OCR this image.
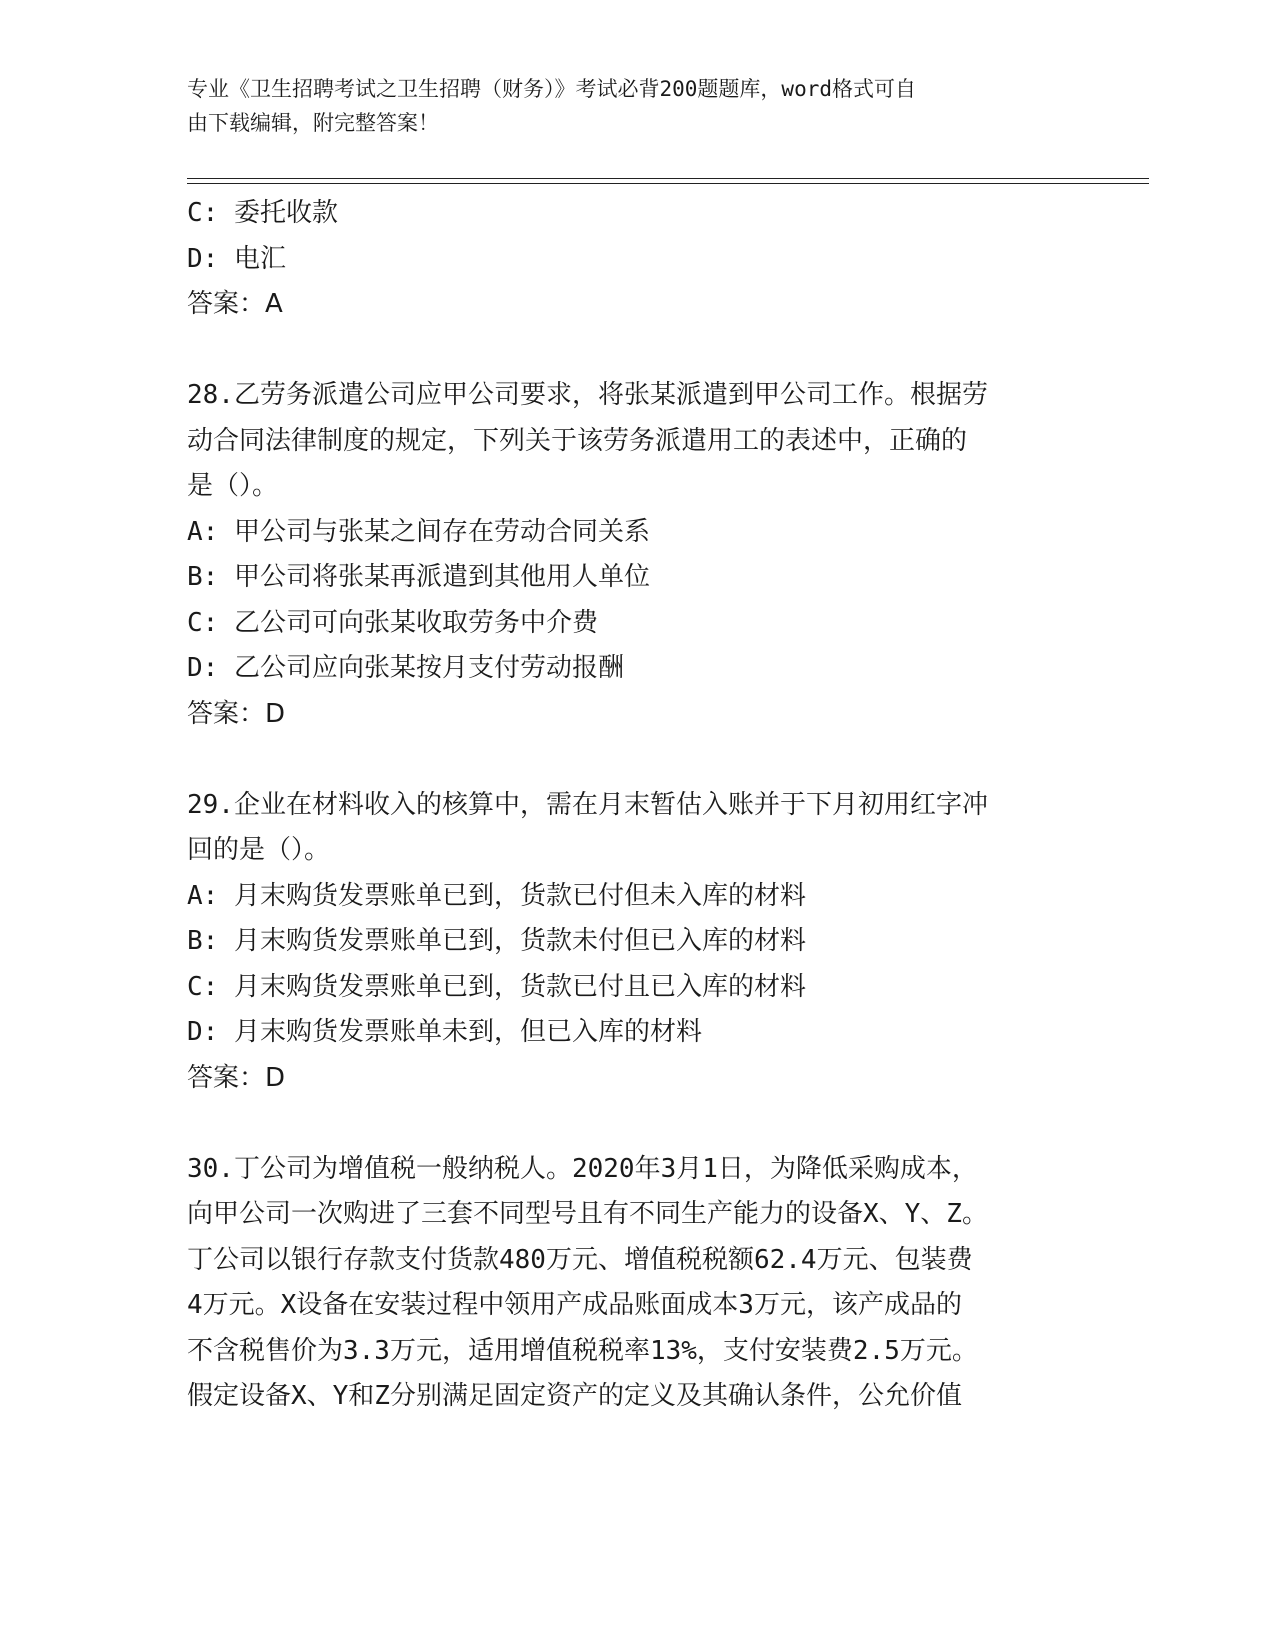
专业《卫生招聘考试之卫生招聘（财务）》考试必背200题题库，word格式可自
由下载编辑，附完整答案！
C: 委托收款
D: 电汇
答案：A
28.乙劳务派遣公司应甲公司要求，将张某派遣到甲公司工作。根据劳
动合同法律制度的规定，下列关于该劳务派遣用工的表述中，正确的
是（）。
A: 甲公司与张某之间存在劳动合同关系
B: 甲公司将张某再派遣到其他用人单位
C: 乙公司可向张某收取劳务中介费
D: 乙公司应向张某按月支付劳动报酬
答案：D
29.企业在材料收入的核算中，需在月末暂估入账并于下月初用红字冲
回的是（）。
A: 月末购货发票账单已到，货款已付但未入库的材料
B: 月末购货发票账单已到，货款未付但已入库的材料
C: 月末购货发票账单已到，货款已付且已入库的材料
D: 月末购货发票账单未到，但已入库的材料
答案：D
30.丁公司为增值税一般纳税人。2020年3月1日，为降低采购成本，
向甲公司一次购进了三套不同型号且有不同生产能力的设备X、Y、Z。
丁公司以银行存款支付货款480万元、增值税税额62.4万元、包装费
4万元。X设备在安装过程中领用产成品账面成本3万元，该产成品的
不含税售价为3.3万元，适用增值税税率13%，支付安装费2.5万元。
假定设备X、Y和Z分别满足固定资产的定义及其确认条件，公允价值
